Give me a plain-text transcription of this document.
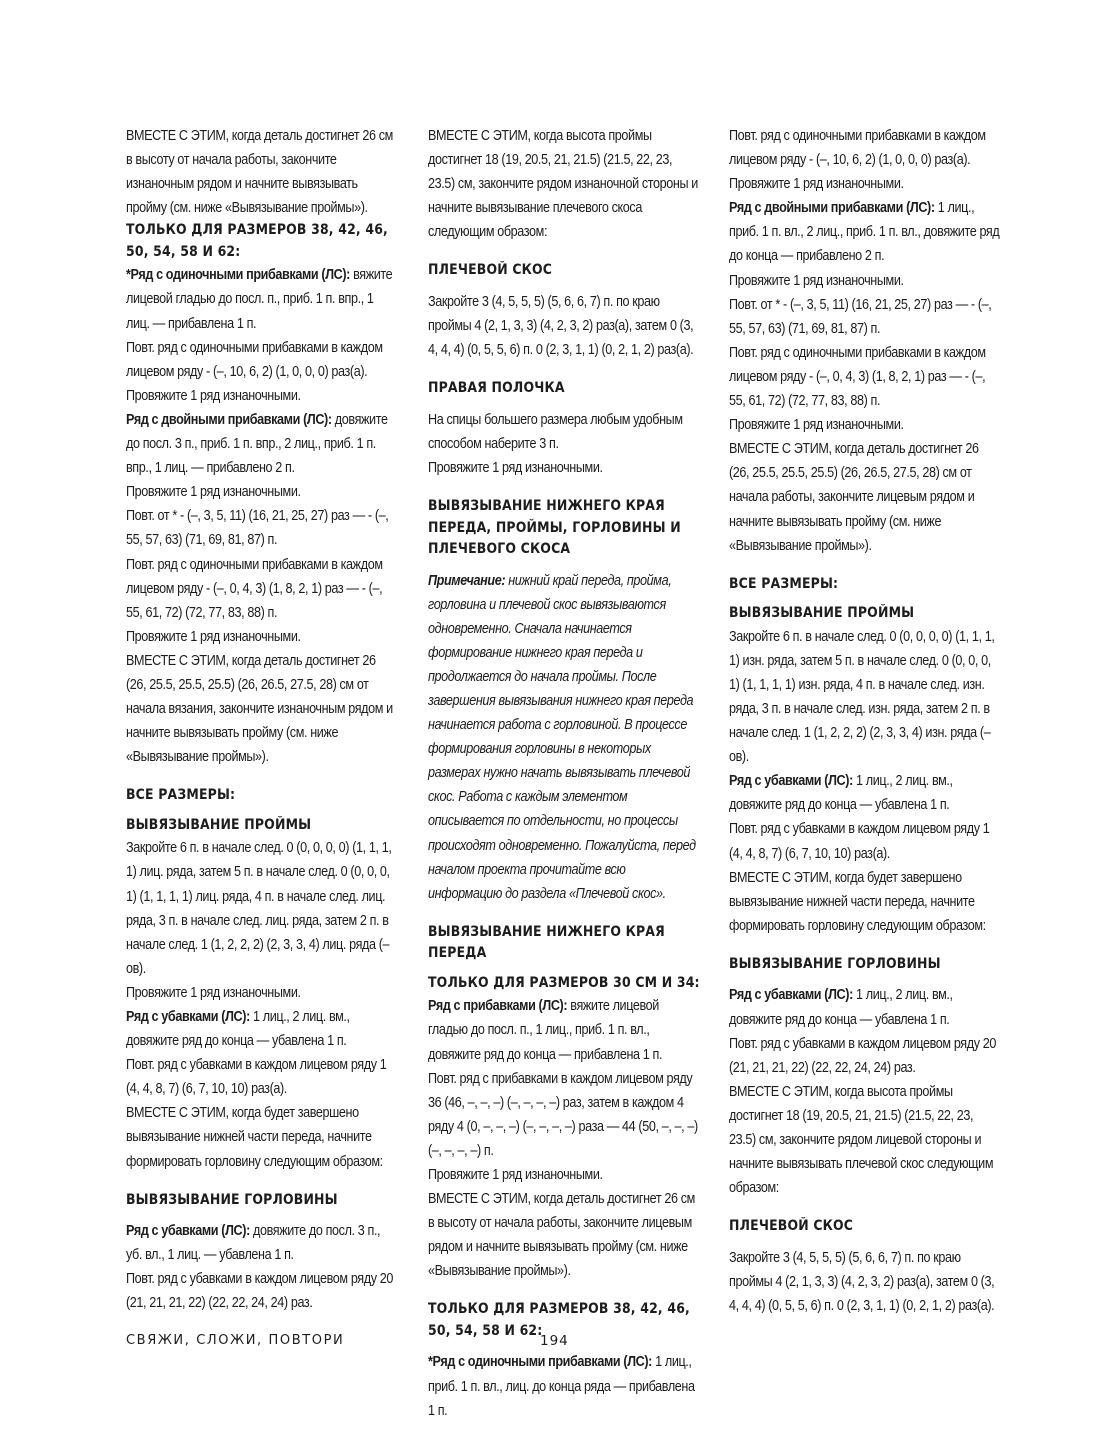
ВМЕСТЕ С ЭТИМ, когда деталь достигнет 26 см в высоту от начала работы, закончите изнаночным рядом и начните вывязывать пройму (см. ниже «Вывязывание проймы»).
ТОЛЬКО ДЛЯ РАЗМЕРОВ 38, 42, 46, 50, 54, 58 И 62:
*Ряд с одиночными прибавками (ЛС): вяжите лицевой гладью до посл. п., приб. 1 п. впр., 1 лиц. — прибавлена 1 п.
Повт. ряд с одиночными прибавками в каждом лицевом ряду - (–, 10, 6, 2) (1, 0, 0, 0) раз(а).
Провяжите 1 ряд изнаночными.
Ряд с двойными прибавками (ЛС): довяжите до посл. 3 п., приб. 1 п. впр., 2 лиц., приб. 1 п. впр., 1 лиц. — прибавлено 2 п.
Провяжите 1 ряд изнаночными.
Повт. от * - (–, 3, 5, 11) (16, 21, 25, 27) раз — - (–, 55, 57, 63) (71, 69, 81, 87) п.
Повт. ряд с одиночными прибавками в каждом лицевом ряду - (–, 0, 4, 3) (1, 8, 2, 1) раз — - (–, 55, 61, 72) (72, 77, 83, 88) п.
Провяжите 1 ряд изнаночными.
ВМЕСТЕ С ЭТИМ, когда деталь достигнет 26 (26, 25.5, 25.5, 25.5) (26, 26.5, 27.5, 28) см от начала вязания, закончите изнаночным рядом и начните вывязывать пройму (см. ниже «Вывязывание проймы»).
ВСЕ РАЗМЕРЫ:
ВЫВЯЗЫВАНИЕ ПРОЙМЫ
Закройте 6 п. в начале след. 0 (0, 0, 0, 0) (1, 1, 1, 1) лиц. ряда, затем 5 п. в начале след. 0 (0, 0, 0, 1) (1, 1, 1, 1) лиц. ряда, 4 п. в начале след. лиц. ряда, 3 п. в начале след. лиц. ряда, затем 2 п. в начале след. 1 (1, 2, 2, 2) (2, 3, 3, 4) лиц. ряда (–ов).
Провяжите 1 ряд изнаночными.
Ряд с убавками (ЛС): 1 лиц., 2 лиц. вм., довяжите ряд до конца — убавлена 1 п.
Повт. ряд с убавками в каждом лицевом ряду 1 (4, 4, 8, 7) (6, 7, 10, 10) раз(а).
ВМЕСТЕ С ЭТИМ, когда будет завершено вывязывание нижней части переда, начните формировать горловину следующим образом:
ВЫВЯЗЫВАНИЕ ГОРЛОВИНЫ
Ряд с убавками (ЛС): довяжите до посл. 3 п., уб. вл., 1 лиц. — убавлена 1 п.
Повт. ряд с убавками в каждом лицевом ряду 20 (21, 21, 21, 22) (22, 22, 24, 24) раз.
ВМЕСТЕ С ЭТИМ, когда высота проймы достигнет 18 (19, 20.5, 21, 21.5) (21.5, 22, 23, 23.5) см, закончите рядом изнаночной стороны и начните вывязывание плечевого скоса следующим образом:
ПЛЕЧЕВОЙ СКОС
Закройте 3 (4, 5, 5, 5) (5, 6, 6, 7) п. по краю проймы 4 (2, 1, 3, 3) (4, 2, 3, 2) раз(а), затем 0 (3, 4, 4, 4) (0, 5, 5, 6) п. 0 (2, 3, 1, 1) (0, 2, 1, 2) раз(а).
ПРАВАЯ ПОЛОЧКА
На спицы большего размера любым удобным способом наберите 3 п.
Провяжите 1 ряд изнаночными.
ВЫВЯЗЫВАНИЕ НИЖНЕГО КРАЯ ПЕРЕДА, ПРОЙМЫ, ГОРЛОВИНЫ И ПЛЕЧЕВОГО СКОСА
Примечание: нижний край переда, пройма, горловина и плечевой скос вывязываются одновременно. Сначала начинается формирование нижнего края переда и продолжается до начала проймы. После завершения вывязывания нижнего края переда начинается работа с горловиной. В процессе формирования горловины в некоторых размерах нужно начать вывязывать плечевой скос. Работа с каждым элементом описывается по отдельности, но процессы происходят одновременно. Пожалуйста, перед началом проекта прочитайте всю информацию до раздела «Плечевой скос».
ВЫВЯЗЫВАНИЕ НИЖНЕГО КРАЯ ПЕРЕДА
ТОЛЬКО ДЛЯ РАЗМЕРОВ 30 СМ И 34:
Ряд с прибавками (ЛС): вяжите лицевой гладью до посл. п., 1 лиц., приб. 1 п. вл., довяжите ряд до конца — прибавлена 1 п.
Повт. ряд с прибавками в каждом лицевом ряду 36 (46, –, –, –) (–, –, –, –) раз, затем в каждом 4 ряду 4 (0, –, –, –) (–, –, –, –) раза — 44 (50, –, –, –) (–, –, –, –) п.
Провяжите 1 ряд изнаночными.
ВМЕСТЕ С ЭТИМ, когда деталь достигнет 26 см в высоту от начала работы, закончите лицевым рядом и начните вывязывать пройму (см. ниже «Вывязывание проймы»).
ТОЛЬКО ДЛЯ РАЗМЕРОВ 38, 42, 46, 50, 54, 58 И 62:
*Ряд с одиночными прибавками (ЛС): 1 лиц., приб. 1 п. вл., лиц. до конца ряда — прибавлена 1 п.
Повт. ряд с одиночными прибавками в каждом лицевом ряду - (–, 10, 6, 2) (1, 0, 0, 0) раз(а).
Провяжите 1 ряд изнаночными.
Ряд с двойными прибавками (ЛС): 1 лиц., приб. 1 п. вл., 2 лиц., приб. 1 п. вл., довяжите ряд до конца — прибавлено 2 п.
Провяжите 1 ряд изнаночными.
Повт. от * - (–, 3, 5, 11) (16, 21, 25, 27) раз — - (–, 55, 57, 63) (71, 69, 81, 87) п.
Повт. ряд с одиночными прибавками в каждом лицевом ряду - (–, 0, 4, 3) (1, 8, 2, 1) раз — - (–, 55, 61, 72) (72, 77, 83, 88) п.
Провяжите 1 ряд изнаночными.
ВМЕСТЕ С ЭТИМ, когда деталь достигнет 26 (26, 25.5, 25.5, 25.5) (26, 26.5, 27.5, 28) см от начала работы, закончите лицевым рядом и начните вывязывать пройму (см. ниже «Вывязывание проймы»).
ВСЕ РАЗМЕРЫ:
ВЫВЯЗЫВАНИЕ ПРОЙМЫ
Закройте 6 п. в начале след. 0 (0, 0, 0, 0) (1, 1, 1, 1) изн. ряда, затем 5 п. в начале след. 0 (0, 0, 0, 1) (1, 1, 1, 1) изн. ряда, 4 п. в начале след. изн. ряда, 3 п. в начале след. изн. ряда, затем 2 п. в начале след. 1 (1, 2, 2, 2) (2, 3, 3, 4) изн. ряда (–ов).
Ряд с убавками (ЛС): 1 лиц., 2 лиц. вм., довяжите ряд до конца — убавлена 1 п.
Повт. ряд с убавками в каждом лицевом ряду 1 (4, 4, 8, 7) (6, 7, 10, 10) раз(а).
ВМЕСТЕ С ЭТИМ, когда будет завершено вывязывание нижней части переда, начните формировать горловину следующим образом:
ВЫВЯЗЫВАНИЕ ГОРЛОВИНЫ
Ряд с убавками (ЛС): 1 лиц., 2 лиц. вм., довяжите ряд до конца — убавлена 1 п.
Повт. ряд с убавками в каждом лицевом ряду 20 (21, 21, 21, 22) (22, 22, 24, 24) раз.
ВМЕСТЕ С ЭТИМ, когда высота проймы достигнет 18 (19, 20.5, 21, 21.5) (21.5, 22, 23, 23.5) см, закончите рядом лицевой стороны и начните вывязывать плечевой скос следующим образом:
ПЛЕЧЕВОЙ СКОС
Закройте 3 (4, 5, 5, 5) (5, 6, 6, 7) п. по краю проймы 4 (2, 1, 3, 3) (4, 2, 3, 2) раз(а), затем 0 (3, 4, 4, 4) (0, 5, 5, 6) п. 0 (2, 3, 1, 1) (0, 2, 1, 2) раз(а).
СВЯЖИ, СЛОЖИ, ПОВТОРИ	194
